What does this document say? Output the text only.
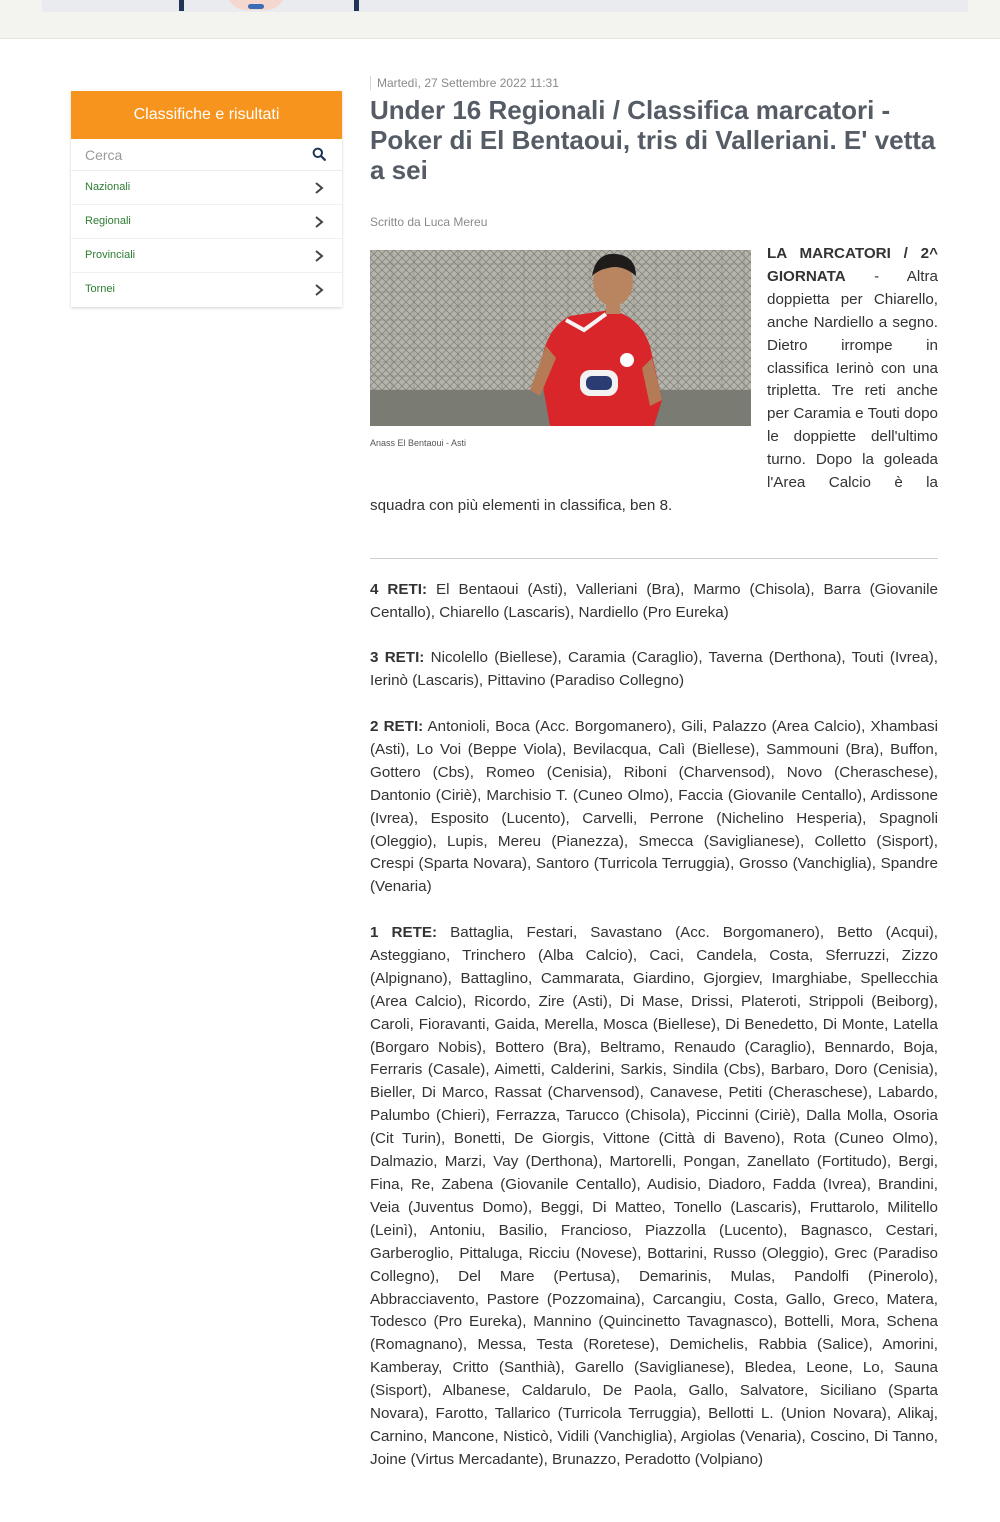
Classifiche e risultati
Cerca
Nazionali
Regionali
Provinciali
Tornei
Martedì, 27 Settembre 2022 11:31
Under 16 Regionali / Classifica marcatori - Poker di El Bentaoui, tris di Valleriani. E' vetta a sei
Scritto da Luca Mereu

LA MARCATORI / 2^ GIORNATA - Altra doppietta per Chiarello, anche Nardiello a segno. Dietro irrompe in classifica Ierinò con una tripletta. Tre reti anche per Caramia e Touti dopo le doppiette dell'ultimo turno. Dopo la goleada l'Area Calcio è la squadra con più elementi in classifica, ben 8.

Anass El Bentaoui - Asti

4 RETI: El Bentaoui (Asti), Valleriani (Bra), Marmo (Chisola), Barra (Giovanile Centallo), Chiarello (Lascaris), Nardiello (Pro Eureka)

3 RETI: Nicolello (Biellese), Caramia (Caraglio), Taverna (Derthona), Touti (Ivrea), Ierinò (Lascaris), Pittavino (Paradiso Collegno)

2 RETI: Antonioli, Boca (Acc. Borgomanero), Gili, Palazzo (Area Calcio), Xhambasi (Asti), Lo Voi (Beppe Viola), Bevilacqua, Calì (Biellese), Sammouni (Bra), Buffon, Gottero (Cbs), Romeo (Cenisia), Riboni (Charvensod), Novo (Cheraschese), Dantonio (Ciriè), Marchisio T. (Cuneo Olmo), Faccia (Giovanile Centallo), Ardissone (Ivrea), Esposito (Lucento), Carvelli, Perrone (Nichelino Hesperia), Spagnoli (Oleggio), Lupis, Mereu (Pianezza), Smecca (Saviglianese), Colletto (Sisport), Crespi (Sparta Novara), Santoro (Turricola Terruggia), Grosso (Vanchiglia), Spandre (Venaria)

1 RETE: Battaglia, Festari, Savastano (Acc. Borgomanero), Betto (Acqui), Asteggiano, Trinchero (Alba Calcio), Caci, Candela, Costa, Sferruzzi, Zizzo (Alpignano), Battaglino, Cammarata, Giardino, Gjorgiev, Imarghiabe, Spellecchia (Area Calcio), Ricordo, Zire (Asti), Di Mase, Drissi, Plateroti, Strippoli (Beiborg), Caroli, Fioravanti, Gaida, Merella, Mosca (Biellese), Di Benedetto, Di Monte, Latella (Borgaro Nobis), Bottero (Bra), Beltramo, Renaudo (Caraglio), Bennardo, Boja, Ferraris (Casale), Aimetti, Calderini, Sarkis, Sindila (Cbs), Barbaro, Doro (Cenisia), Bieller, Di Marco, Rassat (Charvensod), Canavese, Petiti (Cheraschese), Labardo, Palumbo (Chieri), Ferrazza, Tarucco (Chisola), Piccinni (Ciriè), Dalla Molla, Osoria (Cit Turin), Bonetti, De Giorgis, Vittone (Città di Baveno), Rota (Cuneo Olmo), Dalmazio, Marzi, Vay (Derthona), Martorelli, Pongan, Zanellato (Fortitudo), Bergi, Fina, Re, Zabena (Giovanile Centallo), Audisio, Diadoro, Fadda (Ivrea), Brandini, Veia (Juventus Domo), Beggi, Di Matteo, Tonello (Lascaris), Fruttarolo, Militello (Leinì), Antoniu, Basilio, Francioso, Piazzolla (Lucento), Bagnasco, Cestari, Garberoglio, Pittaluga, Ricciu (Novese), Bottarini, Russo (Oleggio), Grec (Paradiso Collegno), Del Mare (Pertusa), Demarinis, Mulas, Pandolfi (Pinerolo), Abbracciavento, Pastore (Pozzomaina), Carcangiu, Costa, Gallo, Greco, Matera, Todesco (Pro Eureka), Mannino (Quincinetto Tavagnasco), Bottelli, Mora, Schena (Romagnano), Messa, Testa (Roretese), Demichelis, Rabbia (Salice), Amorini, Kamberay, Critto (Santhià), Garello (Saviglianese), Bledea, Leone, Lo, Sauna (Sisport), Albanese, Caldarulo, De Paola, Gallo, Salvatore, Siciliano (Sparta Novara), Farotto, Tallarico (Turricola Terruggia), Bellotti L. (Union Novara), Alikaj, Carnino, Mancone, Nisticò, Vidili (Vanchiglia), Argiolas (Venaria), Coscino, Di Tanno, Joine (Virtus Mercadante), Brunazzo, Peradotto (Volpiano)
